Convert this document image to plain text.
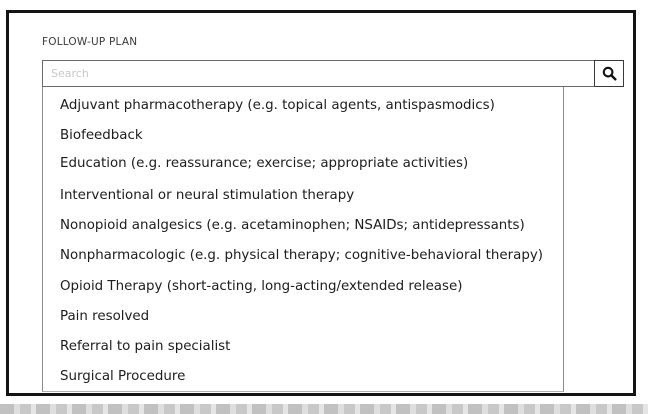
FOLLOW-UP PLAN
Search
Adjuvant pharmacotherapy (e.g. topical agents, antispasmodics)
Biofeedback
Education (e.g. reassurance; exercise; appropriate activities)
Interventional or neural stimulation therapy
Nonopioid analgesics (e.g. acetaminophen; NSAIDs; antidepressants)
Nonpharmacologic (e.g. physical therapy; cognitive-behavioral therapy)
Opioid Therapy (short-acting, long-acting/extended release)
Pain resolved
Referral to pain specialist
Surgical Procedure
